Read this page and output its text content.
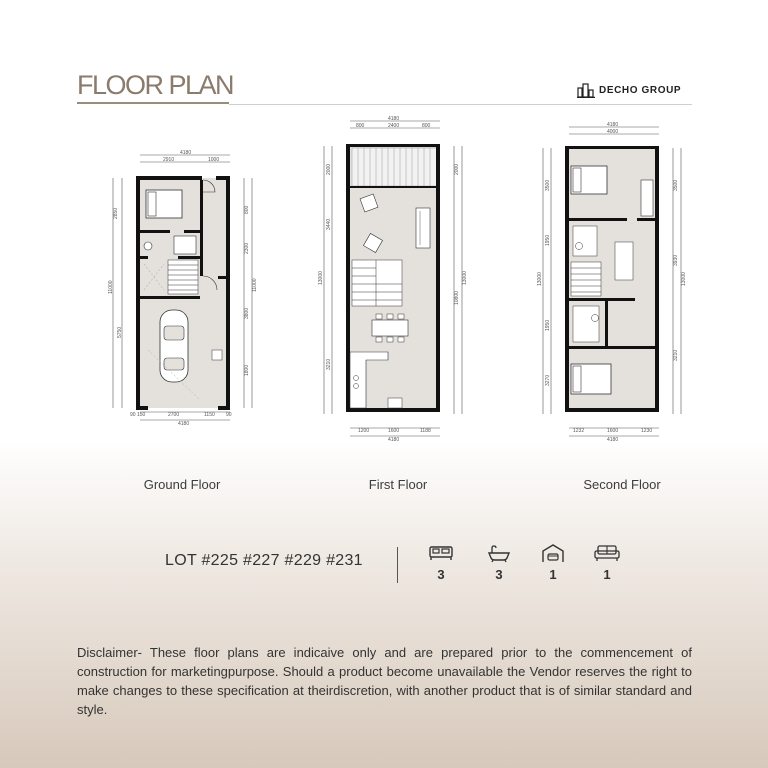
FLOOR PLAN	DECHO GROUP
4180
2910	1000
90 150	2700	1150 90
4180
2850
11000
5750
800
2300
11000
3800
1800
4180
800	2400	800
1200	1600	1188
4180
2000
3440
13000
3210
2000
13000
10800
4180
4000
1232	1600	1230
4180
3500
1950
13000
1950
3270
3500
3930
13000
3210
Ground Floor	First Floor	Second Floor
LOT #225 #227 #229 #231
3	3	1	1

Disclaimer- These floor plans are indicaive only and are prepared prior to the commencement of construction for marketingpurpose. Should a product become unavailable the Vendor reserves the right to make changes to these specification at theirdiscretion, with another product that is of similar standard and style.
